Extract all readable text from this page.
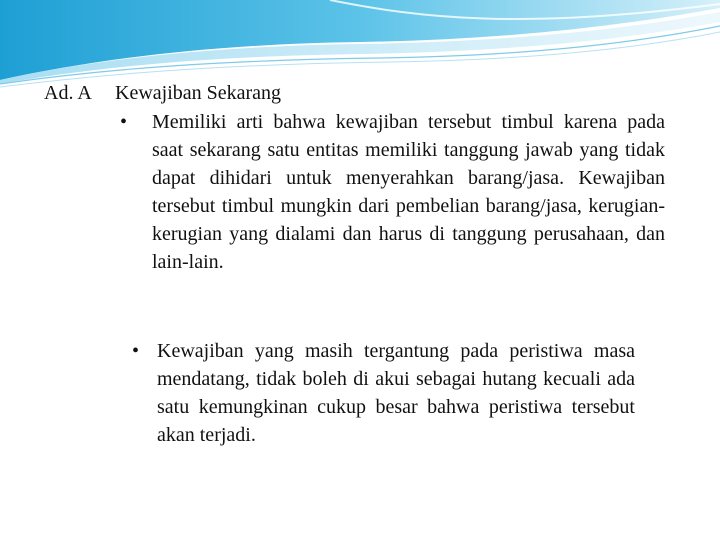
Ad. A Kewajiban Sekarang
• Memiliki arti bahwa kewajiban tersebut timbul karena pada saat sekarang satu entitas memiliki tanggung jawab yang tidak dapat dihidari untuk menyerahkan barang/jasa. Kewajiban tersebut timbul mungkin dari pembelian barang/jasa, kerugian-kerugian yang dialami dan harus di tanggung perusahaan, dan lain-lain.

• Kewajiban yang masih tergantung pada peristiwa masa mendatang, tidak boleh di akui sebagai hutang kecuali ada satu kemungkinan cukup besar bahwa peristiwa tersebut akan terjadi.
